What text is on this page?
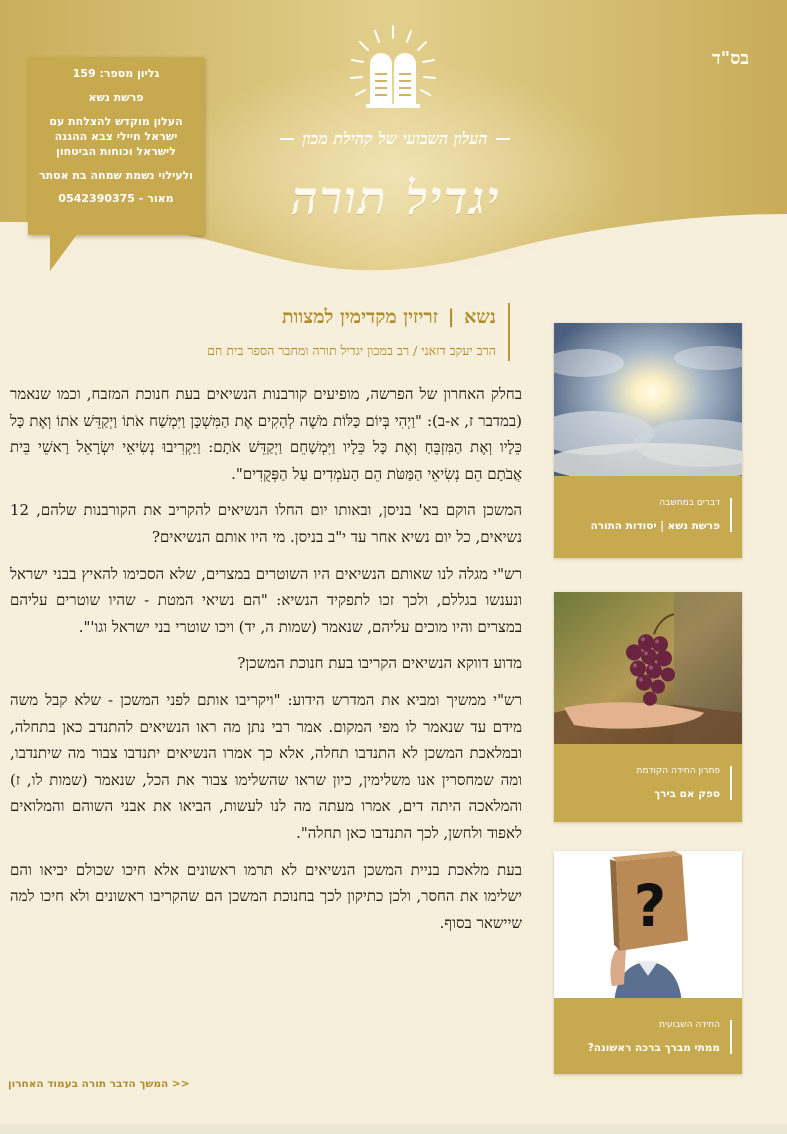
בס"ד
העלון השבועי של קהילת מכון
יגדיל תורה

גליון מספר: 159

פרשת נשא

העלון מוקדש להצלחת עם ישראל חיילי צבא ההגנה לישראל וכוחות הביטחון

ולעילוי נשמת שמחה בת אסתר

מאור - 0542390375

נשא | זריזין מקדימין למצוות
הרב יעקב דזאני / רב במכון יגדיל תורה ומחבר הספר בית חם

בחלק האחרון של הפרשה, מופיעים קורבנות הנשיאים בעת חנוכת המזבח, וכמו שנאמר (במדבר ז, א-ב): "וַיְהִי בְּיוֹם כַּלּוֹת מֹשֶׁה לְהָקִים אֶת הַמִּשְׁכָּן וַיִּמְשַׁח אֹתוֹ וַיְקַדֵּשׁ אֹתוֹ וְאֶת כָּל כֵּלָיו וְאֶת הַמִּזְבֵּחַ וְאֶת כָּל כֵּלָיו וַיִּמְשָׁחֵם וַיְקַדֵּשׁ אֹתָם: וַיַּקְרִיבוּ נְשִׂיאֵי יִשְׂרָאֵל רָאשֵׁי בֵּית אֲבֹתָם הֵם נְשִׂיאֵי הַמַּטֹּת הֵם הָעֹמְדִים עַל הַפְּקֻדִים".

המשכן הוקם בא' בניסן, ובאותו יום החלו הנשיאים להקריב את הקורבנות שלהם, 12 נשיאים, כל יום נשיא אחר עד י"ב בניסן. מי היו אותם הנשיאים?

רש"י מגלה לנו שאותם הנשיאים היו השוטרים במצרים, שלא הסכימו להאיץ בבני ישראל ונענשו בגללם, ולכך זכו לתפקיד הנשיא: "הם נשיאי המטת - שהיו שוטרים עליהם במצרים והיו מוכים עליהם, שנאמר (שמות ה, יד) ויכו שוטרי בני ישראל וגו'".

מדוע דווקא הנשיאים הקריבו בעת חנוכת המשכן?

רש"י ממשיך ומביא את המדרש הידוע: "ויקריבו אותם לפני המשכן - שלא קבל משה מידם עד שנאמר לו מפי המקום. אמר רבי נתן מה ראו הנשיאים להתנדב כאן בתחלה, ובמלאכת המשכן לא התנדבו תחלה, אלא כך אמרו הנשיאים יתנדבו צבור מה שיתנדבו, ומה שמחסרין אנו משלימין, כיון שראו שהשלימו צבור את הכל, שנאמר (שמות לו, ז) והמלאכה היתה דים, אמרו מעתה מה לנו לעשות, הביאו את אבני השוהם והמלואים לאפוד ולחשן, לכך התנדבו כאן תחלה".

בעת מלאכת בניית המשכן הנשיאים לא תרמו ראשונים אלא חיכו שכולם יביאו והם ישלימו את החסר, ולכן כתיקון לכך בחנוכת המשכן הם שהקריבו ראשונים ולא חיכו למה שיישאר בסוף.

<< המשך הדבר תורה בעמוד האחרון
דברים במחשבה
פרשת נשא | יסודות התורה
פתרון החידה הקודמת
ספק אם בירך
?
החידה השבועית
ממתי מברך ברכה ראשונה?
